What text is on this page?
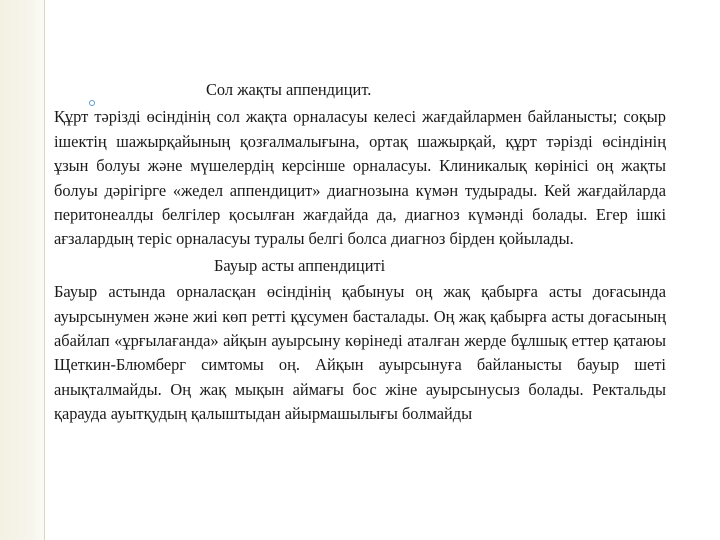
Сол жақты аппендицит.

Құрт тәрізді өсіндінің сол жақта орналасуы келесі жағдайлармен байланысты; соқыр ішектің шажырқайының қозғалмалығына, ортақ шажырқай, құрт тәрізді өсіндінің ұзын болуы және мүшелердің керсінше орналасуы. Клиникалық көрінісі оң жақты болуы дәрігірге «жедел аппендицит» диагнозына күмән тудырады. Кей жағдайларда перитонеалды белгілер қосылған жағдайда да, диагноз күмәнді болады. Егер ішкі ағзалардың теріс орналасуы туралы белгі болса диагноз бірден қойылады.

Бауыр асты аппендициті

Бауыр астында орналасқан өсіндінің қабынуы оң жақ қабырға асты доғасында ауырсынумен және жиі көп ретті құсумен басталады. Оң жақ қабырға асты доғасының абайлап «ұрғылағанда» айқын ауырсыну көрінеді аталған жерде бұлшық еттер қатаюы Щеткин-Блюмберг симтомы оң. Айқын ауырсынуға байланысты бауыр шеті анықталмайды. Оң жақ мықын аймағы бос жіне ауырсынусыз болады. Ректальды қарауда ауытқудың қалыштыдан айырмашылығы болмайды
